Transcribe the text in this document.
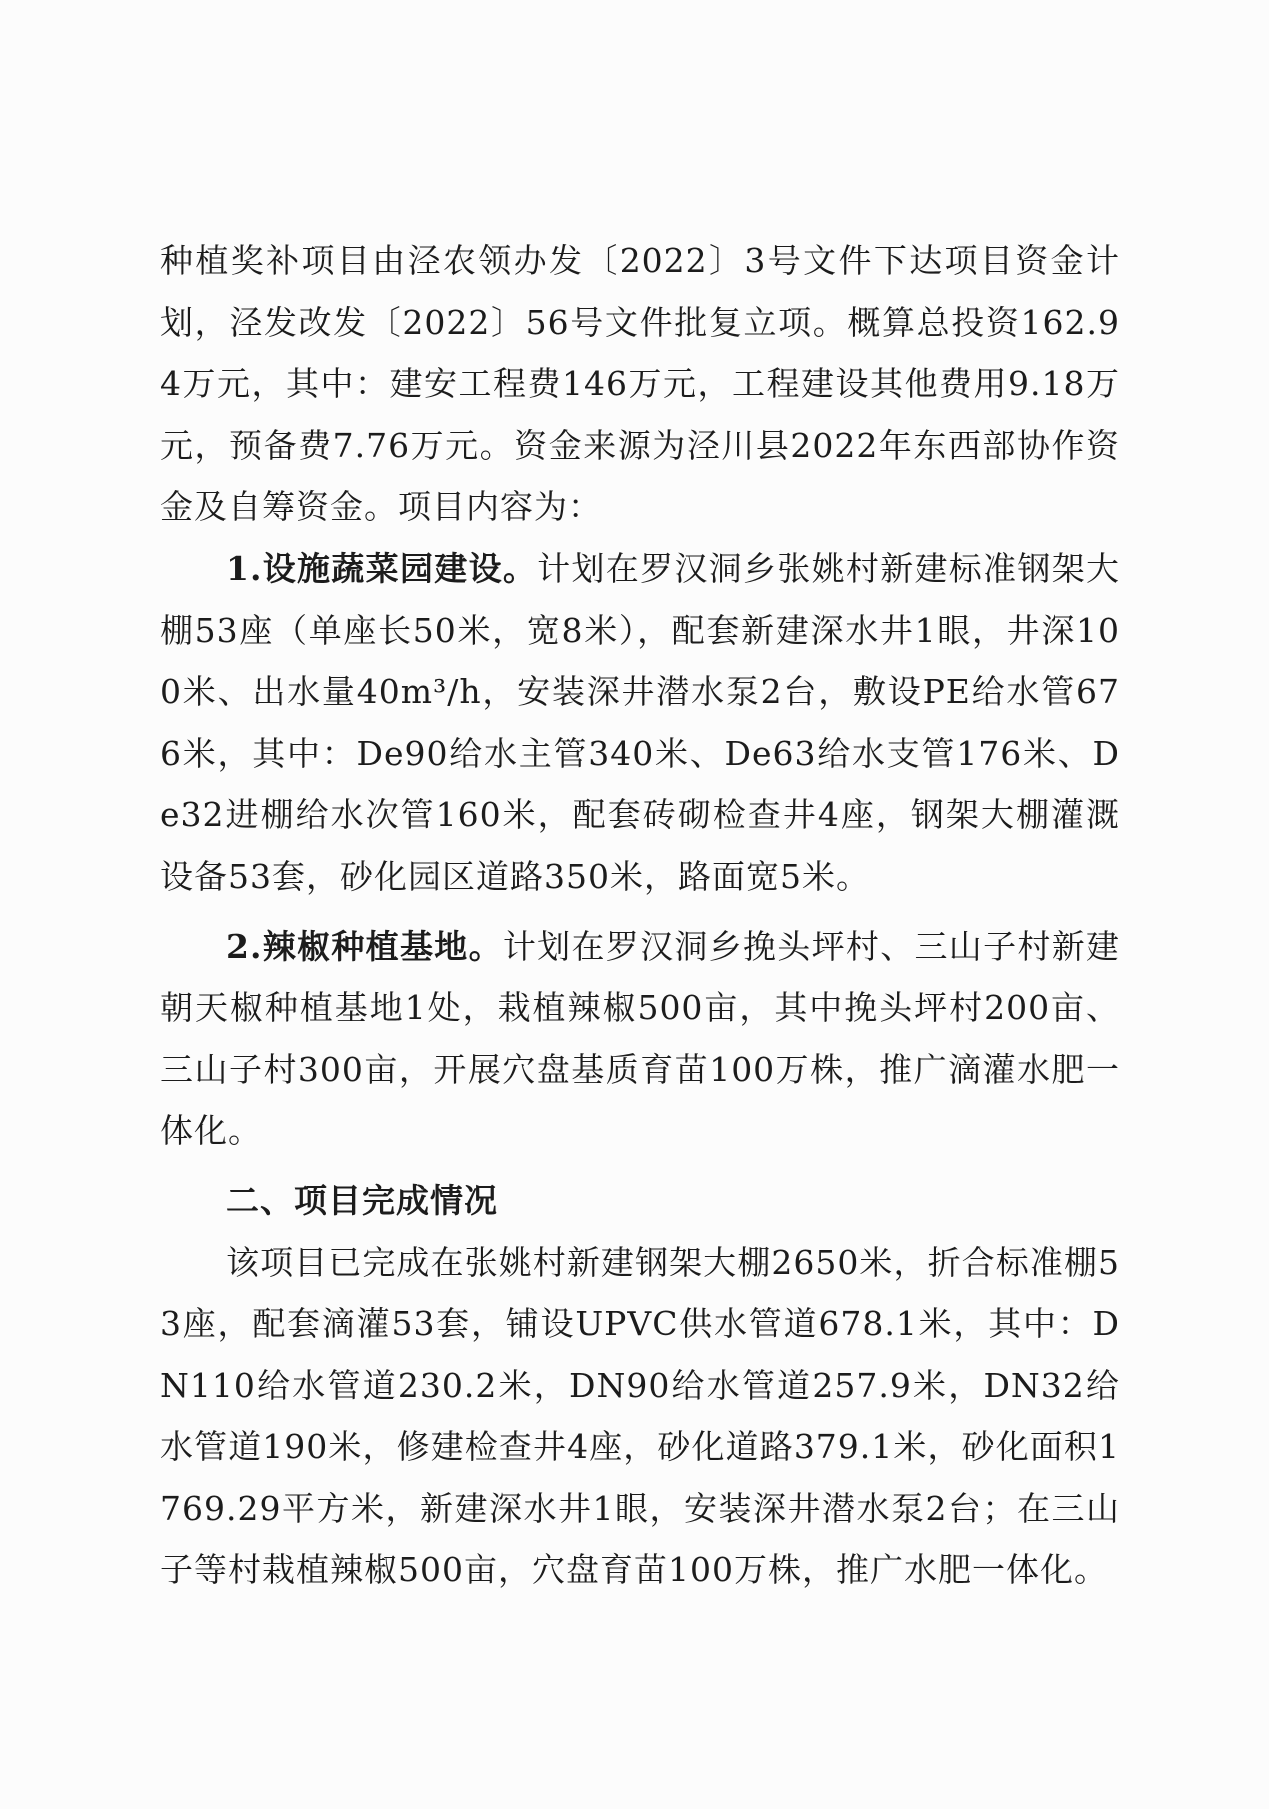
种植奖补项目由泾农领办发〔2022〕3号文件下达项目资金计划，泾发改发〔2022〕56号文件批复立项。概算总投资162.94万元，其中：建安工程费146万元，工程建设其他费用9.18万元，预备费7.76万元。资金来源为泾川县2022年东西部协作资金及自筹资金。项目内容为：

1.设施蔬菜园建设。计划在罗汉洞乡张姚村新建标准钢架大棚53座（单座长50米，宽8米），配套新建深水井1眼，井深100米、出水量40m³/h，安装深井潜水泵2台，敷设PE给水管676米，其中：De90给水主管340米、De63给水支管176米、De32进棚给水次管160米，配套砖砌检查井4座，钢架大棚灌溉设备53套，砂化园区道路350米，路面宽5米。

2.辣椒种植基地。计划在罗汉洞乡挽头坪村、三山子村新建朝天椒种植基地1处，栽植辣椒500亩，其中挽头坪村200亩、三山子村300亩，开展穴盘基质育苗100万株，推广滴灌水肥一体化。

二、项目完成情况

该项目已完成在张姚村新建钢架大棚2650米，折合标准棚53座，配套滴灌53套，铺设UPVC供水管道678.1米，其中：DN110给水管道230.2米，DN90给水管道257.9米，DN32给水管道190米，修建检查井4座，砂化道路379.1米，砂化面积1769.29平方米，新建深水井1眼，安装深井潜水泵2台；在三山子等村栽植辣椒500亩，穴盘育苗100万株，推广水肥一体化。
